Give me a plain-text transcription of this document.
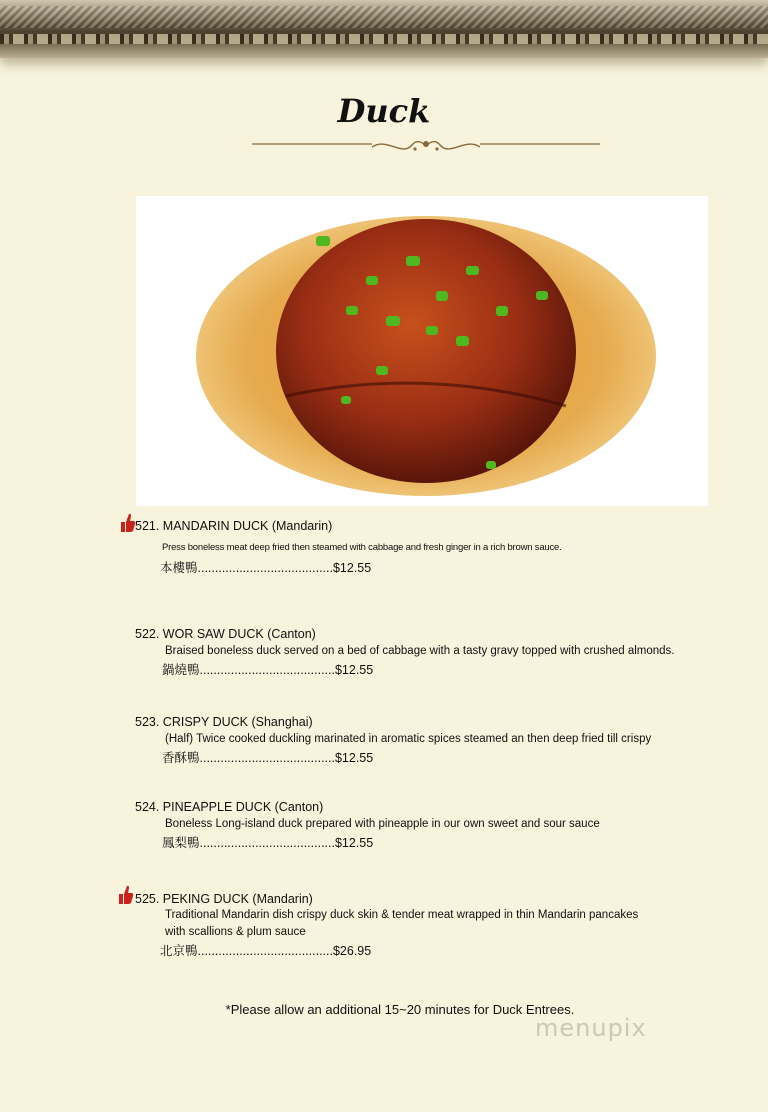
Duck
521. MANDARIN DUCK (Mandarin)
Press boneless meat deep fried then steamed with cabbage and fresh ginger in a rich brown sauce.
本樓鴨.......................................$12.55
522. WOR SAW DUCK (Canton)
Braised boneless duck served on a bed of cabbage with a tasty gravy topped with crushed almonds.
鍋燒鴨.......................................$12.55
523. CRISPY DUCK (Shanghai)
(Half) Twice cooked duckling marinated in aromatic spices steamed an then deep fried till crispy
香酥鴨.......................................$12.55
524. PINEAPPLE DUCK (Canton)
Boneless Long-island duck prepared with pineapple in our own sweet and sour sauce
鳳梨鴨.......................................$12.55
525. PEKING DUCK (Mandarin)
Traditional Mandarin dish crispy duck skin & tender meat wrapped in thin Mandarin pancakes
with scallions & plum sauce
北京鴨.......................................$26.95
*Please allow an additional 15~20 minutes for Duck Entrees.
menupix
